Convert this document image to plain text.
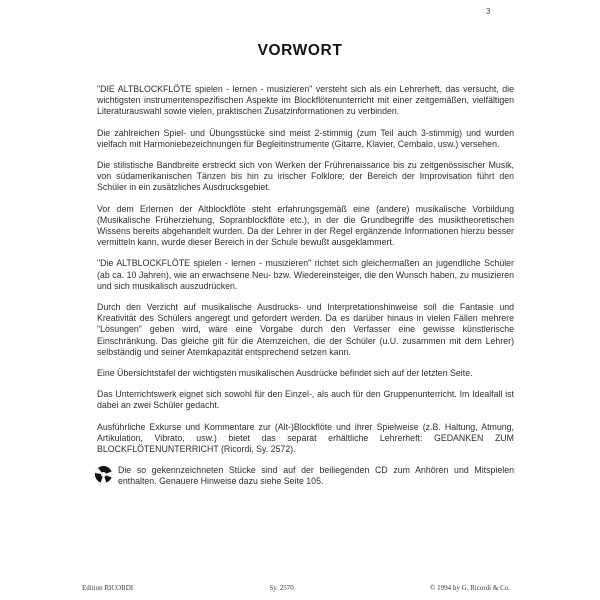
3
VORWORT

"DIE ALTBLOCKFLÖTE spielen - lernen - musizieren" versteht sich als ein Lehrerheft, das versucht, die wichtigsten instrumentenspezifischen Aspekte im Blockflötenunterricht mit einer zeitgemäßen, vielfältigen Literaturauswahl sowie vielen, praktischen Zusatzinformationen zu verbinden.

Die zahlreichen Spiel- und Übungsstücke sind meist 2-stimmig (zum Teil auch 3-stimmig) und wurden vielfach mit Harmoniebezeichnungen für Begleitinstrumente (Gitarre, Klavier, Cembalo, usw.) versehen.

Die stilistische Bandbreite erstreckt sich von Werken der Frührenaissance bis zu zeitgenössischer Musik, von südamerikanischen Tänzen bis hin zu irischer Folklore; der Bereich der Improvisation führt den Schüler in ein zusätzliches Ausdrucksgebiet.

Vor dem Erlernen der Altblockflöte steht erfahrungsgemäß eine (andere) musikalische Vorbildung (Musikalische Früherziehung, Sopranblockflöte etc.), in der die Grundbegriffe des musiktheoretischen Wissens bereits abgehandelt wurden. Da der Lehrer in der Regel ergänzende Informationen hierzu besser vermitteln kann, wurde dieser Bereich in der Schule bewußt ausgeklammert.

"Die ALTBLOCKFLÖTE spielen - lernen - musizieren" richtet sich gleichermaßen an jugendliche Schüler (ab ca. 10 Jahren), wie an erwachsene Neu- bzw. Wiedereinsteiger, die den Wunsch haben, zu musizieren und sich musikalisch auszudrücken.

Durch den Verzicht auf musikalische Ausdrucks- und Interpretationshinweise soll die Fantasie und Kreativität des Schülers angeregt und gefordert werden. Da es darüber hinaus in vielen Fällen mehrere "Lösungen" geben wird, wäre eine Vorgabe durch den Verfasser eine gewisse künstlerische Einschränkung. Das gleiche gilt für die Atemzeichen, die der Schüler (u.U. zusammen mit dem Lehrer) selbständig und seiner Atemkapazität entsprechend setzen kann.

Eine Übersichtstafel der wichtigsten musikalischen Ausdrücke befindet sich auf der letzten Seite.

Das Unterrichtswerk eignet sich sowohl für den Einzel-, als auch für den Gruppenunterricht. Im Idealfall ist dabei an zwei Schüler gedacht.

Ausführliche Exkurse und Kommentare zur (Alt-)Blockflöte und ihrer Spielweise (z.B. Haltung, Atmung, Artikulation, Vibrato, usw.) bietet das separat erhältliche Lehrerheft: GEDANKEN ZUM BLOCKFLÖTENUNTERRICHT (Ricordi, Sy. 2572).

Die so gekennzeichneten Stücke sind auf der beiliegenden CD zum Anhören und Mitspielen enthalten. Genauere Hinweise dazu siehe Seite 105.

Edition RICORDI	Sy. 2570	© 1994 by G. Ricordi & Co.
